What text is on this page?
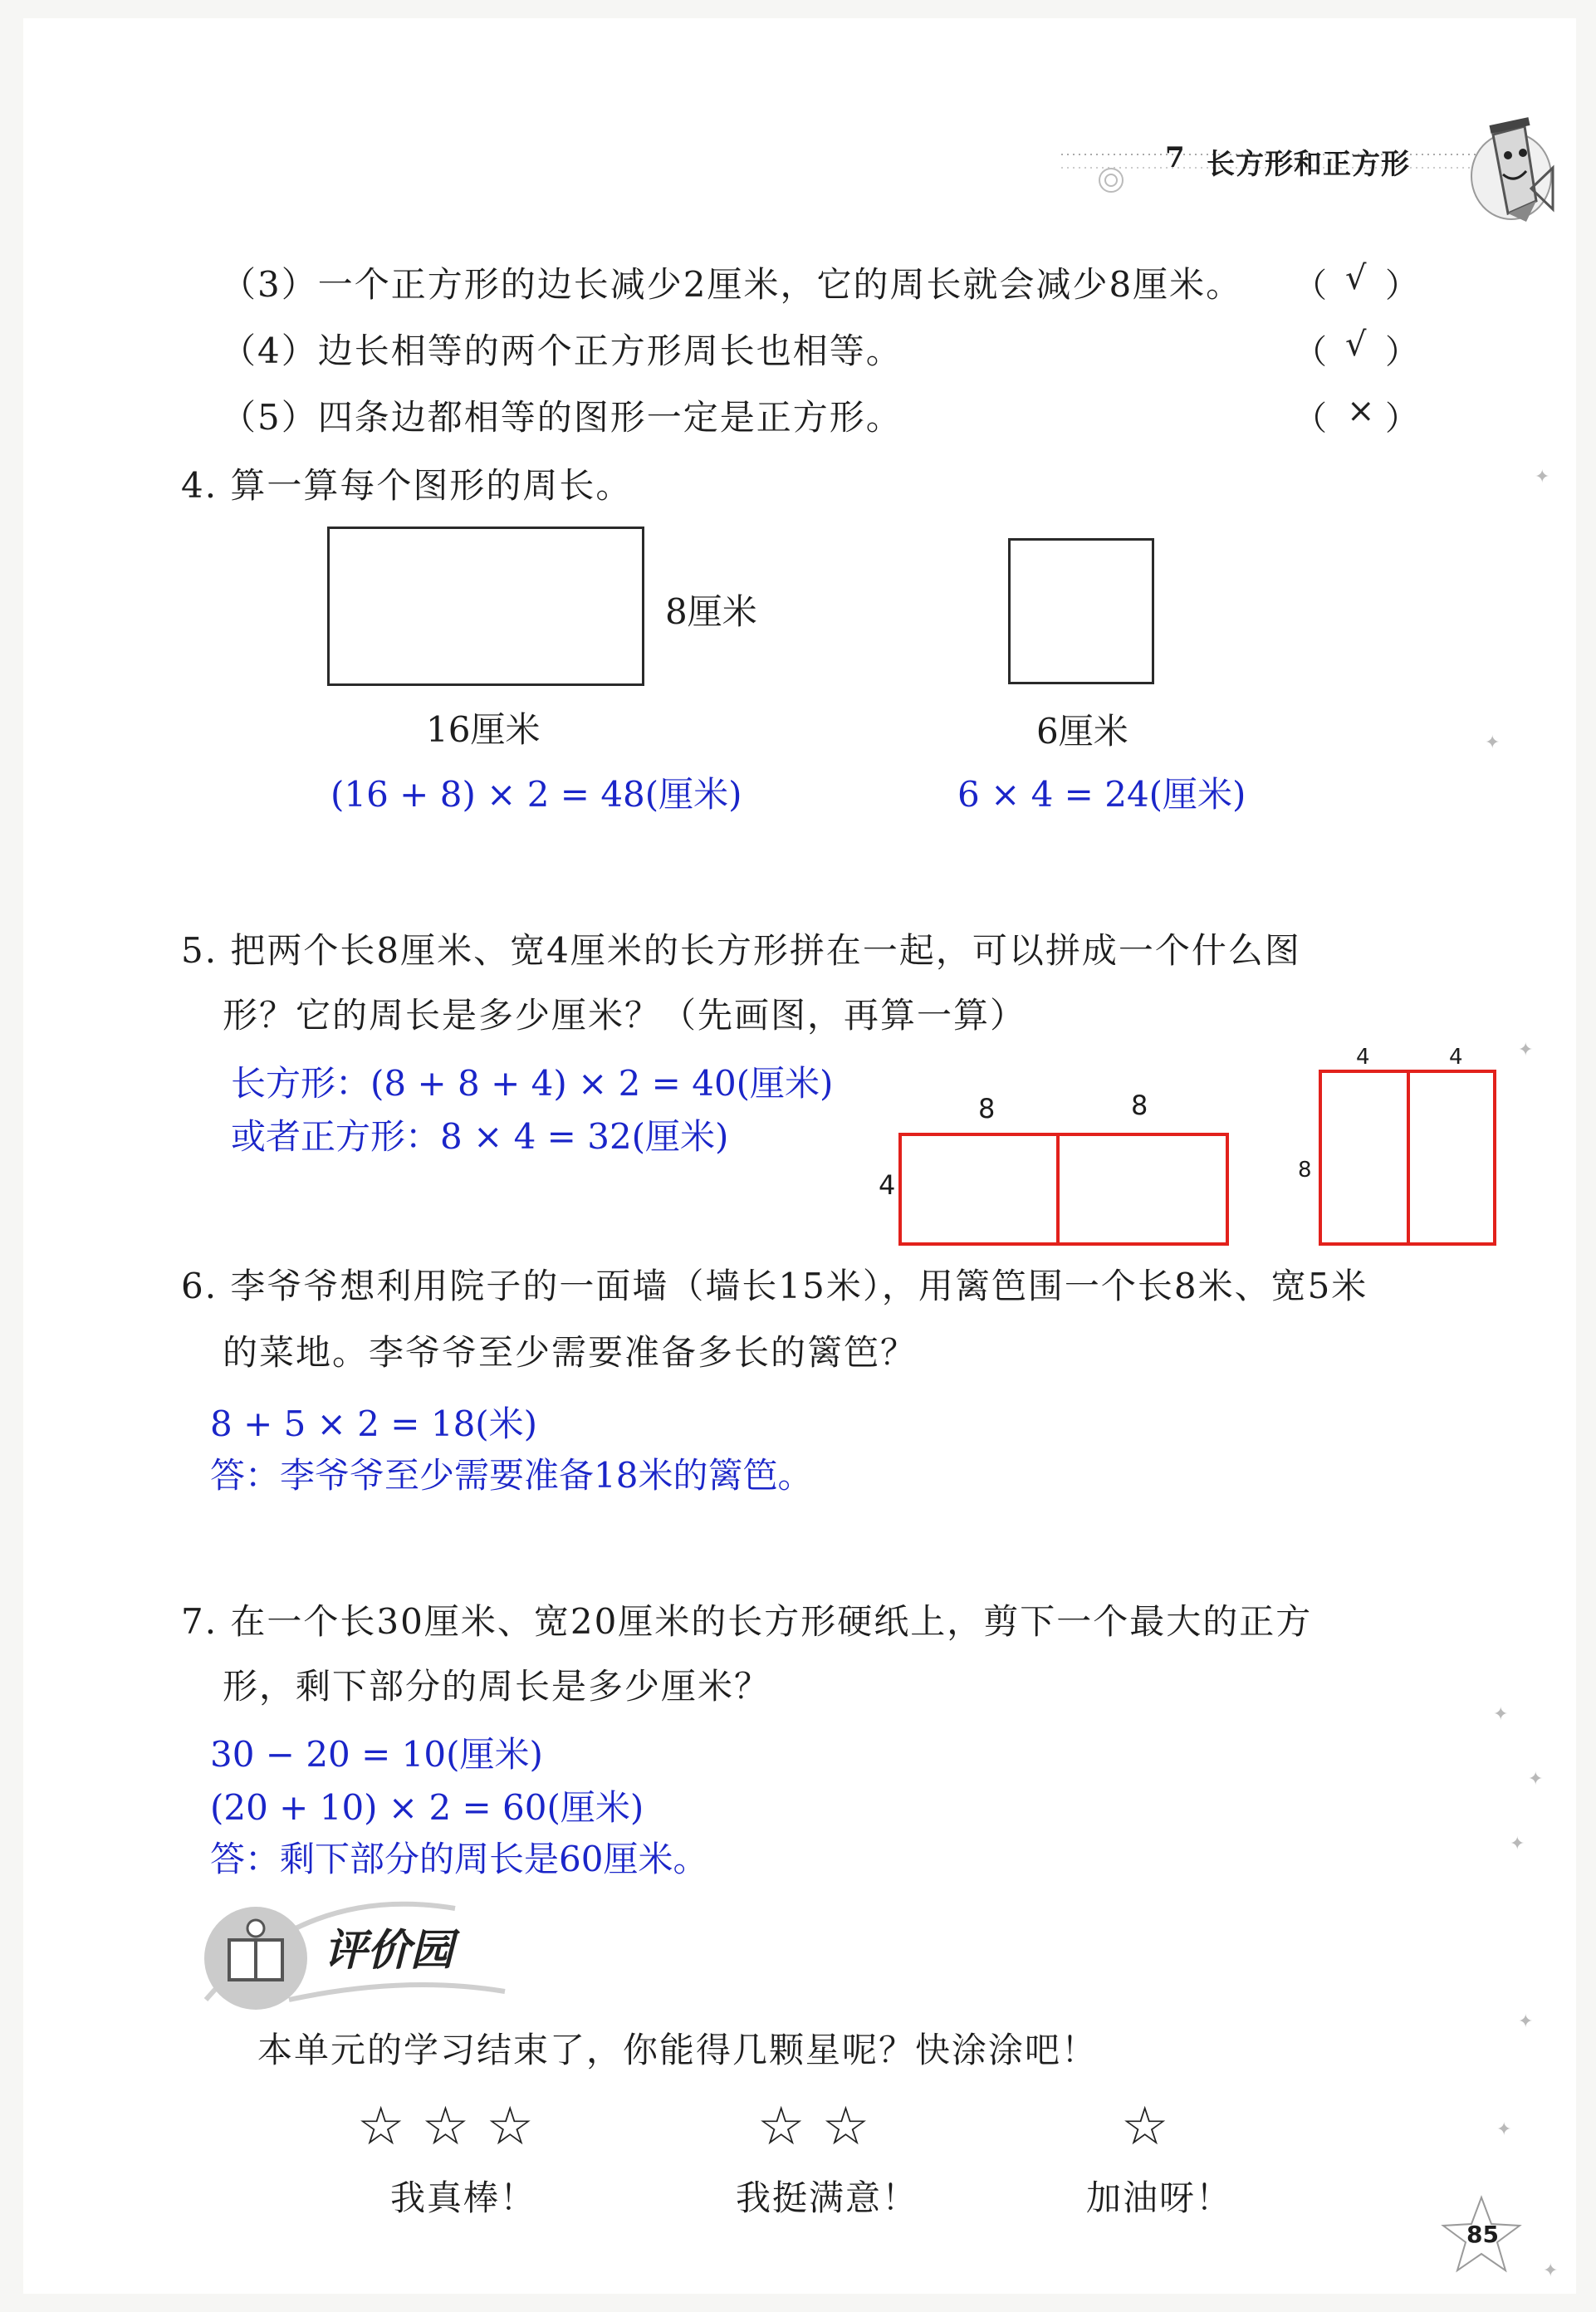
7 长方形和正方形
（3）一个正方形的边长减少2厘米，它的周长就会减少8厘米。 （ √ ）
（4）边长相等的两个正方形周长也相等。	（ √ ）
（5）四条边都相等的图形一定是正方形。	（ × ）
4. 算一算每个图形的周长。
8厘米
16厘米	6厘米
(16 + 8) × 2 = 48(厘米)	6 × 4 = 24(厘米)
5. 把两个长8厘米、宽4厘米的长方形拼在一起，可以拼成一个什么图
形？它的周长是多少厘米？（先画图，再算一算）
长方形：(8 + 8 + 4) × 2 = 40(厘米)
或者正方形：8 × 4 = 32(厘米)
8	8
4
4	4
8
6. 李爷爷想利用院子的一面墙（墙长15米），用篱笆围一个长8米、宽5米
的菜地。李爷爷至少需要准备多长的篱笆？
8 + 5 × 2 = 18(米)
答：李爷爷至少需要准备18米的篱笆。
7. 在一个长30厘米、宽20厘米的长方形硬纸上，剪下一个最大的正方
形，剩下部分的周长是多少厘米？
30 − 20 = 10(厘米)
(20 + 10) × 2 = 60(厘米)
答：剩下部分的周长是60厘米。
评价园
本单元的学习结束了，你能得几颗星呢？快涂涂吧！
☆ ☆ ☆
我真棒！
☆ ☆
我挺满意！
☆
加油呀！
✦
✦
✦
✦
✦
✦
✦
✦
✦
85
